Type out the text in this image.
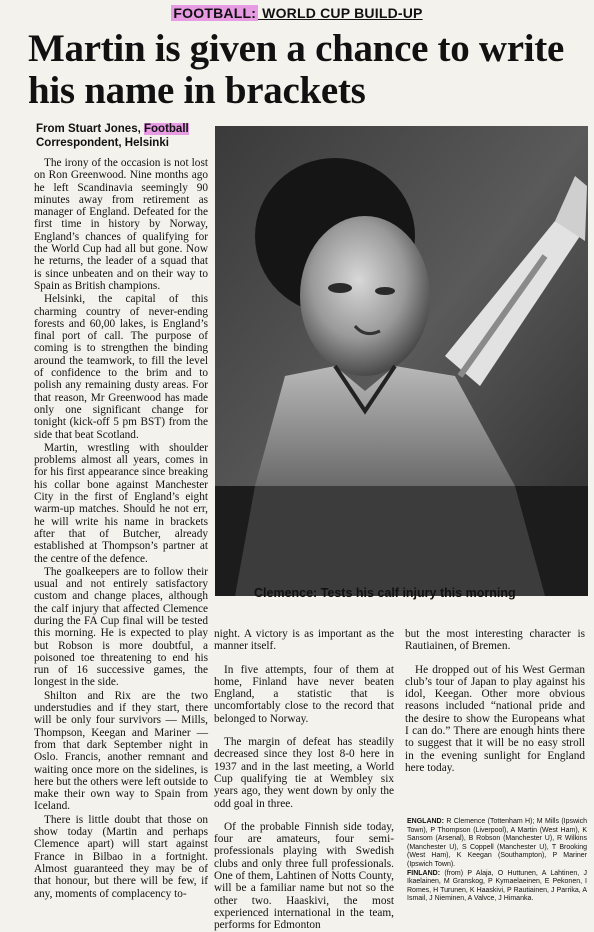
FOOTBALL: WORLD CUP BUILD-UP
Martin is given a chance to write his name in brackets
From Stuart Jones, Football
Correspondent, Helsinki

The irony of the occasion is not lost on Ron Greenwood. Nine months ago he left Scandinavia seemingly 90 minutes away from retirement as manager of England. Defeated for the first time in history by Norway, England’s chances of qualifying for the World Cup had all but gone. Now he returns, the leader of a squad that is since unbeaten and on their way to Spain as British champions.

Helsinki, the capital of this charming country of never-ending forests and 60,00 lakes, is England’s final port of call. The purpose of coming is to strengthen the binding around the teamwork, to fill the level of confidence to the brim and to polish any remaining dusty areas. For that reason, Mr Greenwood has made only one significant change for tonight (kick-off 5 pm BST) from the side that beat Scotland.

Martin, wrestling with shoulder problems almost all years, comes in for his first appearance since breaking his collar bone against Manchester City in the first of England’s eight warm-up matches. Should he not err, he will write his name in brackets after that of Butcher, already established at Thompson’s partner at the centre of the defence.

The goalkeepers are to follow their usual and not entirely satisfactory custom and change places, although the calf injury that affected Clemence during the FA Cup final will be tested this morning. He is expected to play but Robson is more doubtful, a poisoned toe threatening to end his run of 16 successive games, the longest in the side.

Shilton and Rix are the two understudies and if they start, there will be only four survivors — Mills, Thompson, Keegan and Mariner — from that dark September night in Oslo. Francis, another remnant and waiting once more on the sidelines, is here but the others were left outside to make their own way to Spain from Iceland.

There is little doubt that those on show today (Martin and perhaps Clemence apart) will start against France in Bilbao in a fortnight. Almost guaranteed they may be of that honour, but there will be few, if any, moments of complacency to-

Clemence: Tests his calf injury this morning

night. A victory is as important as the manner itself.

In five attempts, four of them at home, Finland have never beaten England, a statistic that is uncomfortably close to the record that belonged to Norway.

The margin of defeat has steadily decreased since they lost 8-0 here in 1937 and in the last meeting, a World Cup qualifying tie at Wembley six years ago, they went down by only the odd goal in three.

Of the probable Finnish side today, four are amateurs, four semi-professionals playing with Swedish clubs and only three full professionals. One of them, Lahtinen of Notts County, will be a familiar name but not so the other two. Haaskivi, the most experienced international in the team, performs for Edmonton

but the most interesting character is Rautiainen, of Bremen.

He dropped out of his West German club’s tour of Japan to play against his idol, Keegan. Other more obvious reasons included “national pride and the desire to show the Europeans what I can do.” There are enough hints there to suggest that it will be no easy stroll in the evening sunlight for England here today.

ENGLAND: R Clemence (Tottenham H); M Mills (Ipswich Town), P Thompson (Liverpool), A Martin (West Ham), K Sansom (Arsenal), B Robson (Manchester U), R Wilkins (Manchester U), S Coppell (Manchester U), T Brooking (West Ham), K Keegan (Southampton), P Mariner (Ipswich Town).

FINLAND: (from) P Alaja, O Huttunen, A Lahtinen, J Ikaelainen, M Granskog, P Kymaelaeinen, E Pekonen, I Romes, H Turunen, K Haaskivi, P Rautiainen, J Parrika, A Ismail, J Nieminen, A Valvce, J Himanka.
